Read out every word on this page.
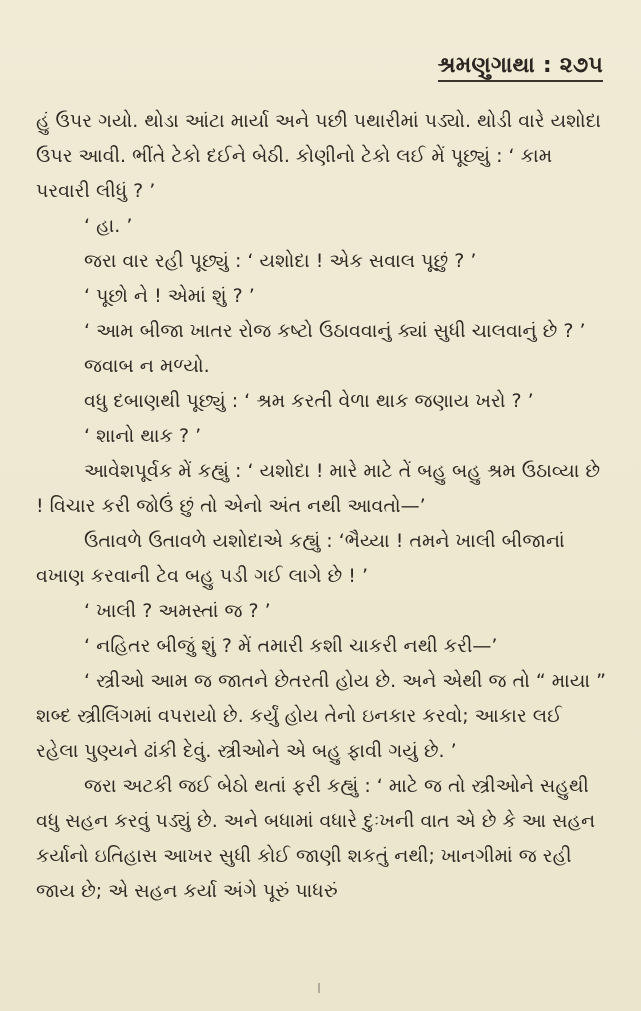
શ્રમણુગાથા : ૨૭૫

હું ઉપર ગયો. થોડા આંટા માર્યા અને પછી પથારીમાં પડ્યો. થોડી વારે યશોદા ઉપર આવી. ભીંતે ટેકો દઈને બેઠી. કોણીનો ટેકો લઈ મેં પૂછ્યું : ‘ કામ પરવારી લીધું ? ’

‘ હા. ’

જરા વાર રહી પૂછ્યું : ‘ યશોદા ! એક સવાલ પૂછું ? ’

‘ પૂછો ને ! એમાં શું ? ’

‘ આમ બીજા ખાતર રોજ કષ્ટો ઉઠાવવાનું ક્યાં સુધી ચાલવાનું છે ? ’

જવાબ ન મળ્યો.

વધુ દબાણથી પૂછ્યું : ‘ શ્રમ કરતી વેળા થાક જણાય ખરો ? ’

‘ શાનો થાક ? ’

આવેશપૂર્વક મેં કહ્યું : ‘ યશોદા ! મારે માટે તેં બહુ બહુ શ્રમ ઉઠાવ્યા છે ! વિચાર કરી જોઉં છું તો એનો અંત નથી આવતો—’

ઉતાવળે ઉતાવળે યશોદાએ કહ્યું : ‘ભૈય્યા ! તમને ખાલી બીજાનાં વખાણ કરવાની ટેવ બહુ પડી ગઈ લાગે છે ! ’

‘ ખાલી ? અમસ્તાં જ ? ’

‘ નહિતર બીજું શું ? મેં તમારી કશી ચાકરી નથી કરી—’

‘ સ્ત્રીઓ આમ જ જાતને છેતરતી હોય છે. અને એથી જ તો “ માયા ” શબ્દ સ્ત્રીલિંગમાં વપરાયો છે. કર્યું હોય તેનો ઇનકાર કરવો; આકાર લઈ રહેલા પુણ્યને ઢાંકી દેવું. સ્ત્રીઓને એ બહુ ફાવી ગયું છે. ’

જરા અટકી જઈ બેઠો થતાં ફરી કહ્યું : ‘ માટે જ તો સ્ત્રીઓને સહુથી વધુ સહન કરવું પડ્યું છે. અને બધામાં વધારે દુઃખની વાત એ છે કે આ સહન કર્યાનો ઇતિહાસ આખર સુધી કોઈ જાણી શકતું નથી; ખાનગીમાં જ રહી જાય છે; એ સહન કર્યા અંગે પૂરું પાધરું
